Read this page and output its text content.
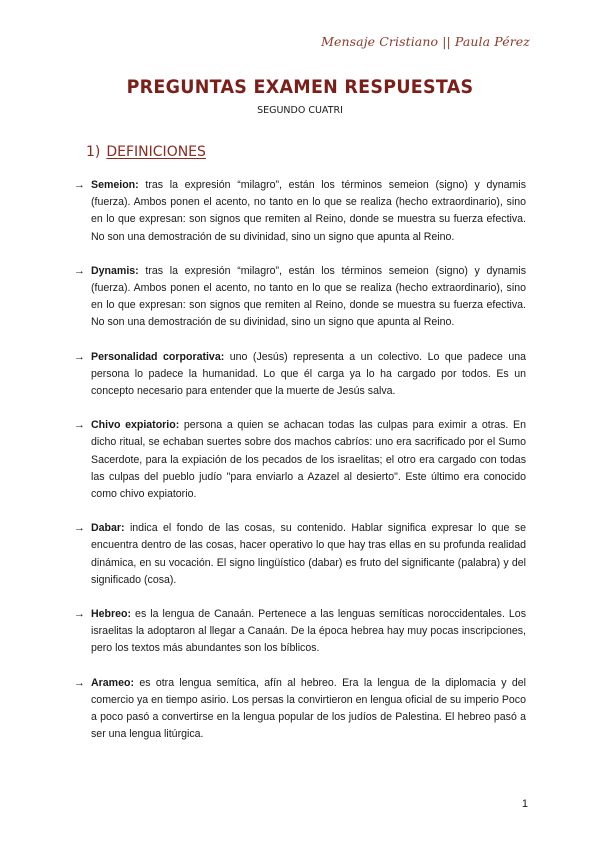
Mensaje Cristiano || Paula Pérez
PREGUNTAS EXAMEN RESPUESTAS
SEGUNDO CUATRI
1) DEFINICIONES
→ Semeion: tras la expresión “milagro”, están los términos semeion (signo) y dynamis (fuerza). Ambos ponen el acento, no tanto en lo que se realiza (hecho extraordinario), sino en lo que expresan: son signos que remiten al Reino, donde se muestra su fuerza efectiva. No son una demostración de su divinidad, sino un signo que apunta al Reino.
→ Dynamis: tras la expresión “milagro”, están los términos semeion (signo) y dynamis (fuerza). Ambos ponen el acento, no tanto en lo que se realiza (hecho extraordinario), sino en lo que expresan: son signos que remiten al Reino, donde se muestra su fuerza efectiva. No son una demostración de su divinidad, sino un signo que apunta al Reino.
→ Personalidad corporativa: uno (Jesús) representa a un colectivo. Lo que padece una persona lo padece la humanidad. Lo que él carga ya lo ha cargado por todos. Es un concepto necesario para entender que la muerte de Jesús salva.
→ Chivo expiatorio: persona a quien se achacan todas las culpas para eximir a otras. En dicho ritual, se echaban suertes sobre dos machos cabríos: uno era sacrificado por el Sumo Sacerdote, para la expiación de los pecados de los israelitas; el otro era cargado con todas las culpas del pueblo judío "para enviarlo a Azazel al desierto". Este último era conocido como chivo expiatorio.
→ Dabar: indica el fondo de las cosas, su contenido. Hablar significa expresar lo que se encuentra dentro de las cosas, hacer operativo lo que hay tras ellas en su profunda realidad dinámica, en su vocación. El signo lingüístico (dabar) es fruto del significante (palabra) y del significado (cosa).
→ Hebreo: es la lengua de Canaán. Pertenece a las lenguas semíticas noroccidentales. Los israelitas la adoptaron al llegar a Canaán. De la época hebrea hay muy pocas inscripciones, pero los textos más abundantes son los bíblicos.
→ Arameo: es otra lengua semítica, afín al hebreo. Era la lengua de la diplomacia y del comercio ya en tiempo asirio. Los persas la convirtieron en lengua oficial de su imperio Poco a poco pasó a convertirse en la lengua popular de los judíos de Palestina. El hebreo pasó a ser una lengua litúrgica.
1
